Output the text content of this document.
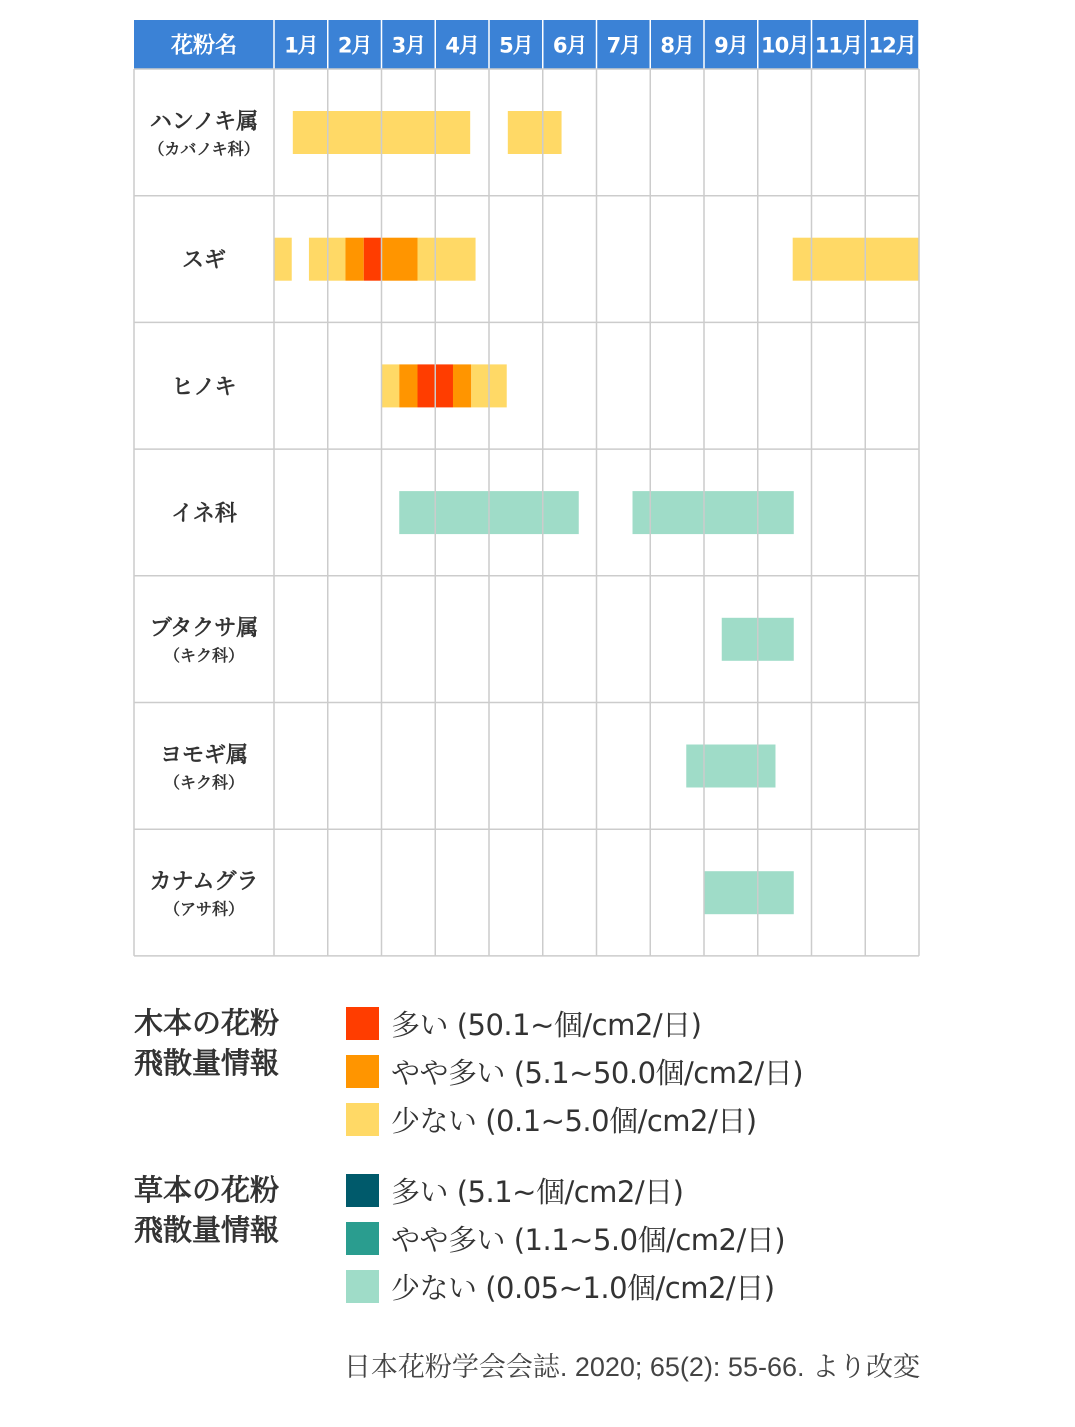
花粉名 1月 2月 3月 4月 5月 6月 7月 8月 9月 10月 11月 12月
ハンノキ属
（カバノキ科）
スギ
ヒノキ
イネ科
ブタクサ属
（キク科）
ヨモギ属
（キク科）
カナムグラ
（アサ科）
木本の花粉
飛散量情報
多い (50.1~個/cm2/日)
やや多い (5.1~50.0個/cm2/日)
少ない (0.1~5.0個/cm2/日)
草本の花粉
飛散量情報
多い (5.1~個/cm2/日)
やや多い (1.1~5.0個/cm2/日)
少ない (0.05~1.0個/cm2/日)
日本花粉学会会誌. 2020; 65(2): 55-66. より改変
